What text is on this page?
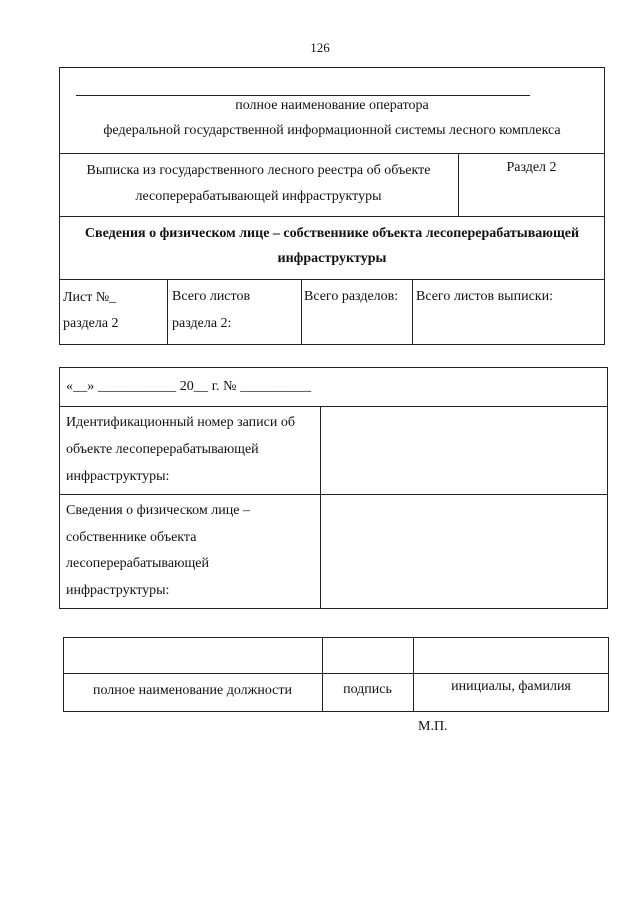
126
полное наименование оператора
федеральной государственной информационной системы лесного комплекса
Выписка из государственного лесного реестра об объекте
лесоперерабатывающей инфраструктуры
Раздел 2
Сведения о физическом лице – собственнике объекта лесоперерабатывающей
инфраструктуры
Лист №_
раздела 2
Всего листов
раздела 2:
Всего разделов: Всего листов выписки:
«__» ___________ 20__ г. № __________
Идентификационный номер записи об
объекте лесоперерабатывающей
инфраструктуры:
Сведения о физическом лице –
собственнике объекта
лесоперерабатывающей
инфраструктуры:
полное наименование должности	подпись	инициалы, фамилия
М.П.
